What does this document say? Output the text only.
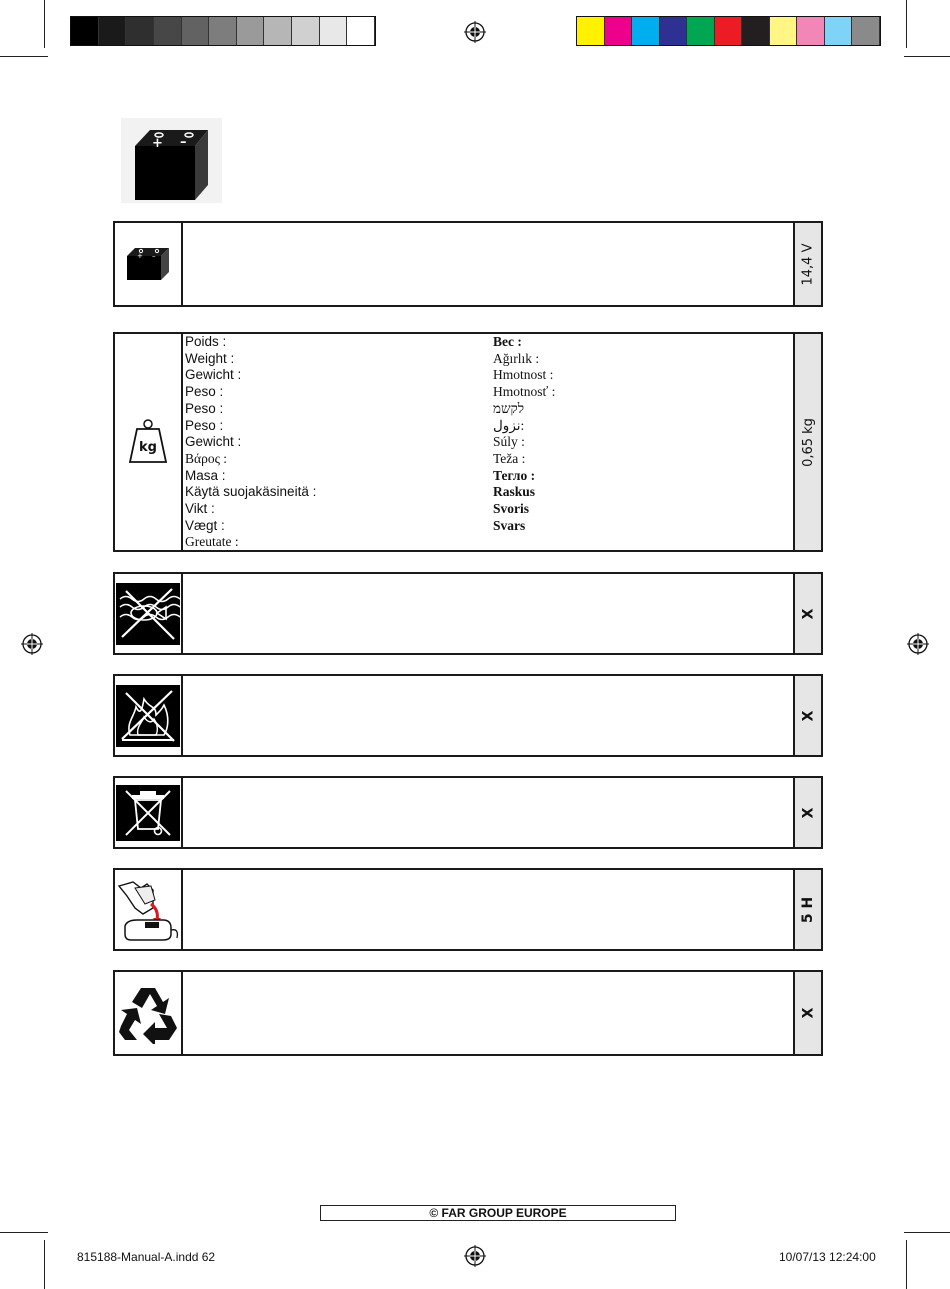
+ –
+ –	14,4 V
kg
Poids :
Weight :
Gewicht :
Peso :
Peso :
Peso :
Gewicht :
Βάρος :
Masa :
Käytä suojakäsineitä :
Vikt :
Vægt :
Greutate :
Bec :
Ağırlık :
Hmotnost :
Hmotnosť :
לקשמ
نزول:
Súly :
Teža :
Тегло :
Raskus
Svoris
Svars
0,65 kg
X
X
X
5 H
X
© FAR GROUP EUROPE
815188-Manual-A.indd 62	10/07/13 12:24:00
